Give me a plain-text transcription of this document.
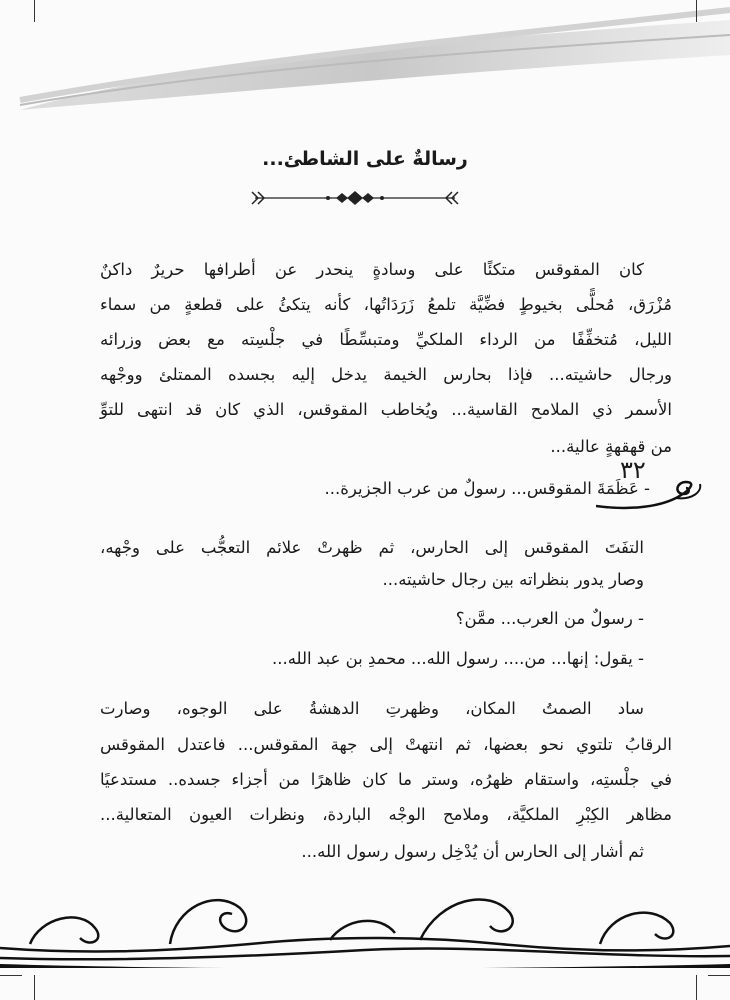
رسالةٌ على الشاطئ...
كان المقوقس متكئًا على وسادةٍ ينحدر عن أطرافها حريرٌ داكنٌ
مُزْرَق، مُحلًّى بخيوطٍ فضِّيَّة تلمعُ زَرَدَاتُها، كأنه يتكئُ على قطعةٍ من سماء
الليل، مُتخفِّفًا من الرداء الملكيِّ ومتبسِّطًا في جلْسِته مع بعض وزرائه
ورجال حاشيته... فإذا بحارس الخيمة يدخل إليه بجسده الممتلئ ووجْهه
الأسمر ذي الملامح القاسية... ويُخاطب المقوقس، الذي كان قد انتهى للتوِّ
من قهقهةٍ عالية...
- عَظَمَةَ المقوقس... رسولٌ من عرب الجزيرة...
٣٢
التفَتَ المقوقس إلى الحارس، ثم ظهرتْ علائم التعجُّب على وجْهه،
وصار يدور بنظراته بين رجال حاشيته...
- رسولٌ من العرب... ممَّن؟
- يقول: إنها... من.... رسول الله... محمدِ بن عبد الله...
ساد الصمتُ المكان، وظهرتِ الدهشةُ على الوجوه، وصارت
الرقابُ تلتوي نحو بعضها، ثم انتهتْ إلى جهة المقوقس... فاعتدل المقوقس
في جلْستِه، واستقام ظهرُه، وستر ما كان ظاهرًا من أجزاء جسده.. مستدعيًا
مظاهر الكِبْرِ الملكيَّة، وملامح الوجْه الباردة، ونظرات العيون المتعالية...
ثم أشار إلى الحارس أن يُدْخِل رسول رسول الله...
